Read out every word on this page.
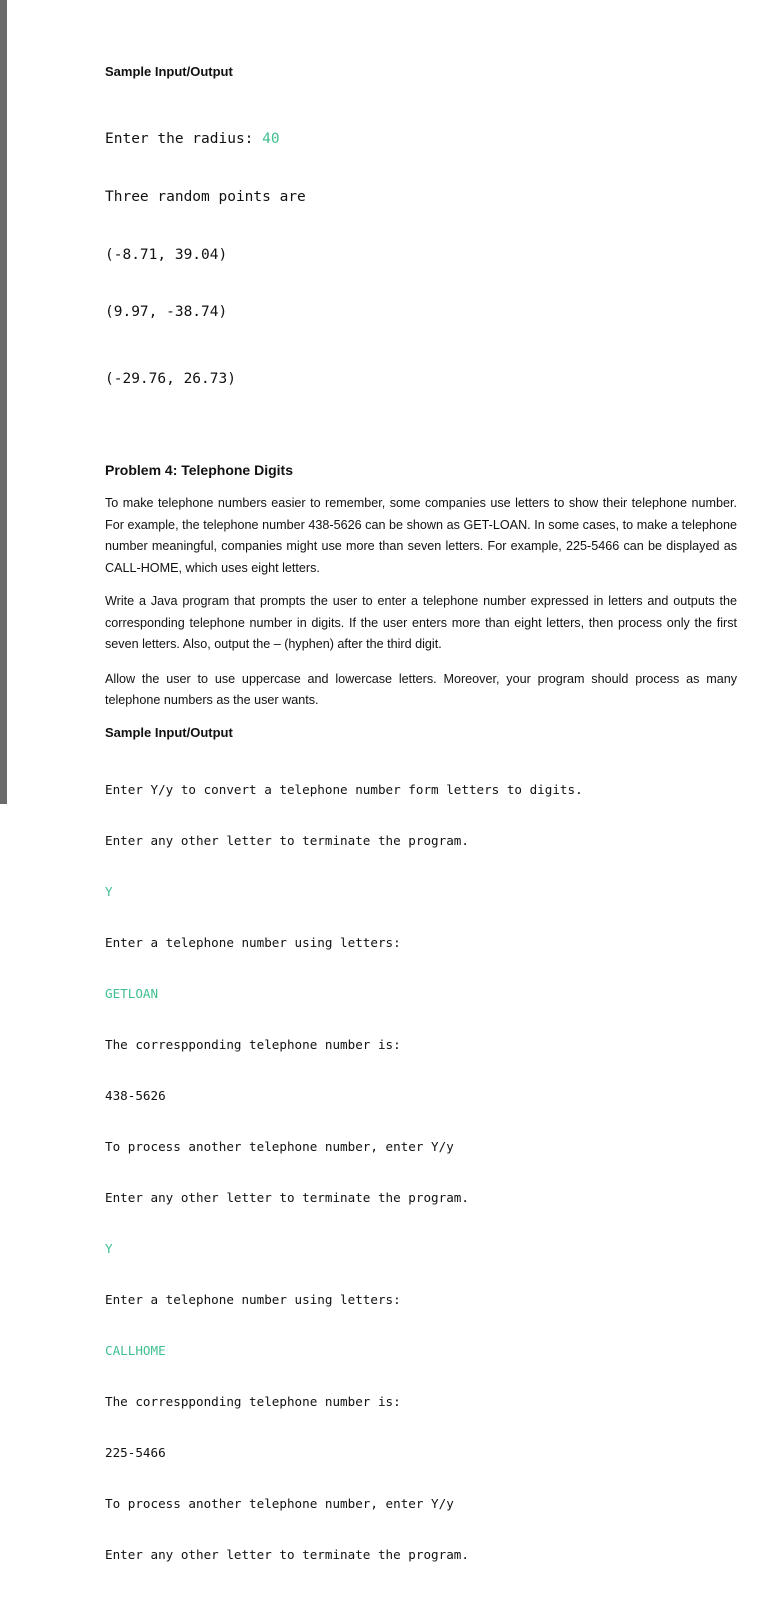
Sample Input/Output

Enter the radius: 40

Three random points are

(-8.71, 39.04)

(9.97, -38.74)

(-29.76, 26.73)

Problem 4: Telephone Digits

To make telephone numbers easier to remember, some companies use letters to show their telephone number. For example, the telephone number 438-5626 can be shown as GET-LOAN. In some cases, to make a telephone number meaningful, companies might use more than seven letters. For example, 225-5466 can be displayed as CALL-HOME, which uses eight letters.

Write a Java program that prompts the user to enter a telephone number expressed in letters and outputs the corresponding telephone number in digits. If the user enters more than eight letters, then process only the first seven letters. Also, output the – (hyphen) after the third digit.

Allow the user to use uppercase and lowercase letters. Moreover, your program should process as many telephone numbers as the user wants.

Sample Input/Output

Enter Y/y to convert a telephone number form letters to digits.

Enter any other letter to terminate the program.

Y

Enter a telephone number using letters:

GETLOAN

The correspponding telephone number is:

438-5626

To process another telephone number, enter Y/y

Enter any other letter to terminate the program.

Y

Enter a telephone number using letters:

CALLHOME

The correspponding telephone number is:

225-5466

To process another telephone number, enter Y/y

Enter any other letter to terminate the program.
